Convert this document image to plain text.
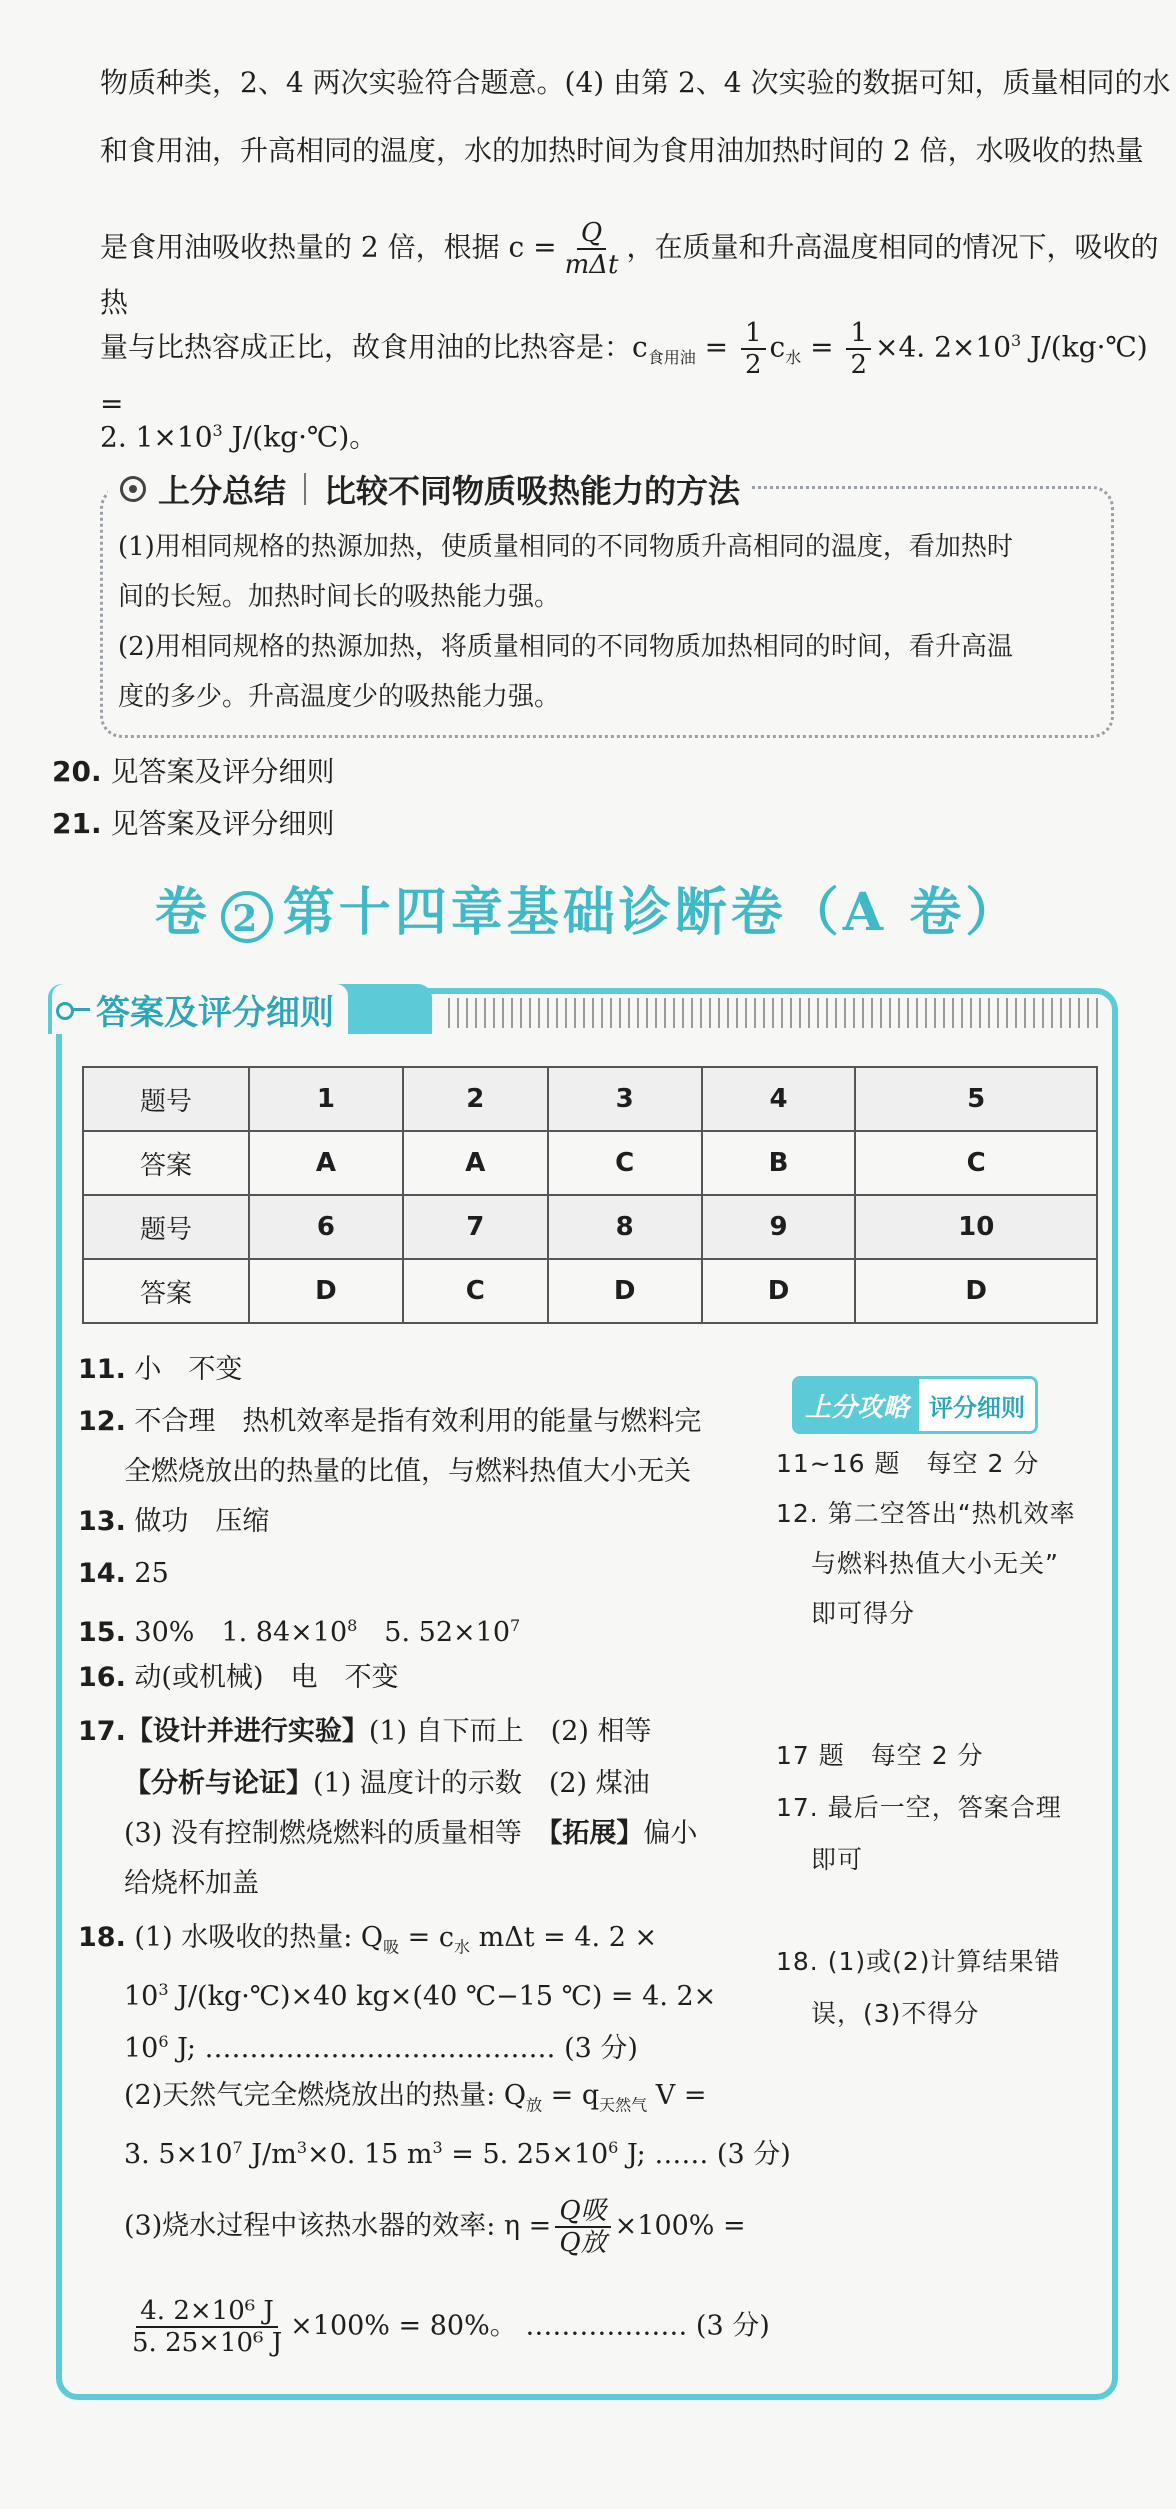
物质种类，2、4 两次实验符合题意。(4) 由第 2、4 次实验的数据可知，质量相同的水
和食用油，升高相同的温度，水的加热时间为食用油加热时间的 2 倍，水吸收的热量
是食用油吸收热量的 2 倍，根据 $c = \frac{Q}{\text{mΔt}}$ ，在质量和升高温度相同的情况下，吸收的热
量与比热容成正比，故食用油的比热容是：$c_{食用油} = \frac{1}{2} c_水 = \frac{1}{2} \times 4$. $2\times 10^3$ J/(kg·℃) =
2. $1\times 10^3$ J/(kg·℃)。
上分总结 比较不同物质吸热能力的方法
(1)用相同规格的热源加热，使质量相同的不同物质升高相同的温度，看加热时
间的长短。加热时间长的吸热能力强。
(2)用相同规格的热源加热，将质量相同的不同物质加热相同的时间，看升高温
度的多少。升高温度少的吸热能力强。
20. 见答案及评分细则
21. 见答案及评分细则
卷 2 第十四章基础诊断卷（A 卷）
答案及评分细则
题号	1	2	3	4	5
答案	A	A	C	B	C
题号	6	7	8	9	10
答案	D	C	D	D	D
11. 小　不变
12. 不合理　热机效率是指有效利用的能量与燃料完
全燃烧放出的热量的比值，与燃料热值大小无关
13. 做功　压缩
14. 25
15. 30%　1. $84\times 10^8$　5. $52\times 10^7$
16. 动(或机械)　电　不变
17.【设计并进行实验】(1) 自下而上　(2) 相等
【分析与论证】(1) 温度计的示数　(2) 煤油
(3) 没有控制燃烧燃料的质量相等　【拓展】偏小
给烧杯加盖
18. (1) 水吸收的热量: $Q_吸 = c_水$ mΔt = 4. 2 ×
$10^3$ J/(kg·℃)×40 kg×(40 ℃−15 ℃) = 4. 2×
$10^6$ J; ………………………………… (3 分)
(2)天然气完全燃烧放出的热量: $Q_放 = q_{天然气}$ V =
3. $5\times 10^7$ $J/m^3\times 0$. 15 $m^3 = 5$. $25\times 10^6$ J; …… (3 分)
(3)烧水过程中该热水器的效率: $\eta = \frac{\text{Q吸}}{\text{Q放}} \times 100\%$ =
$\frac{\text{4. 2×10⁶ J}}{\text{5. 25×10⁶ J}} \times 100\% = 80\%$。 ……………… (3 分)
上分攻略 评分细则
11~16 题　每空 2 分
12. 第二空答出“热机效率
　 与燃料热值大小无关”
　 即可得分
17 题　每空 2 分
17. 最后一空，答案合理
　 即可
18. (1)或(2)计算结果错
　 误，(3)不得分
